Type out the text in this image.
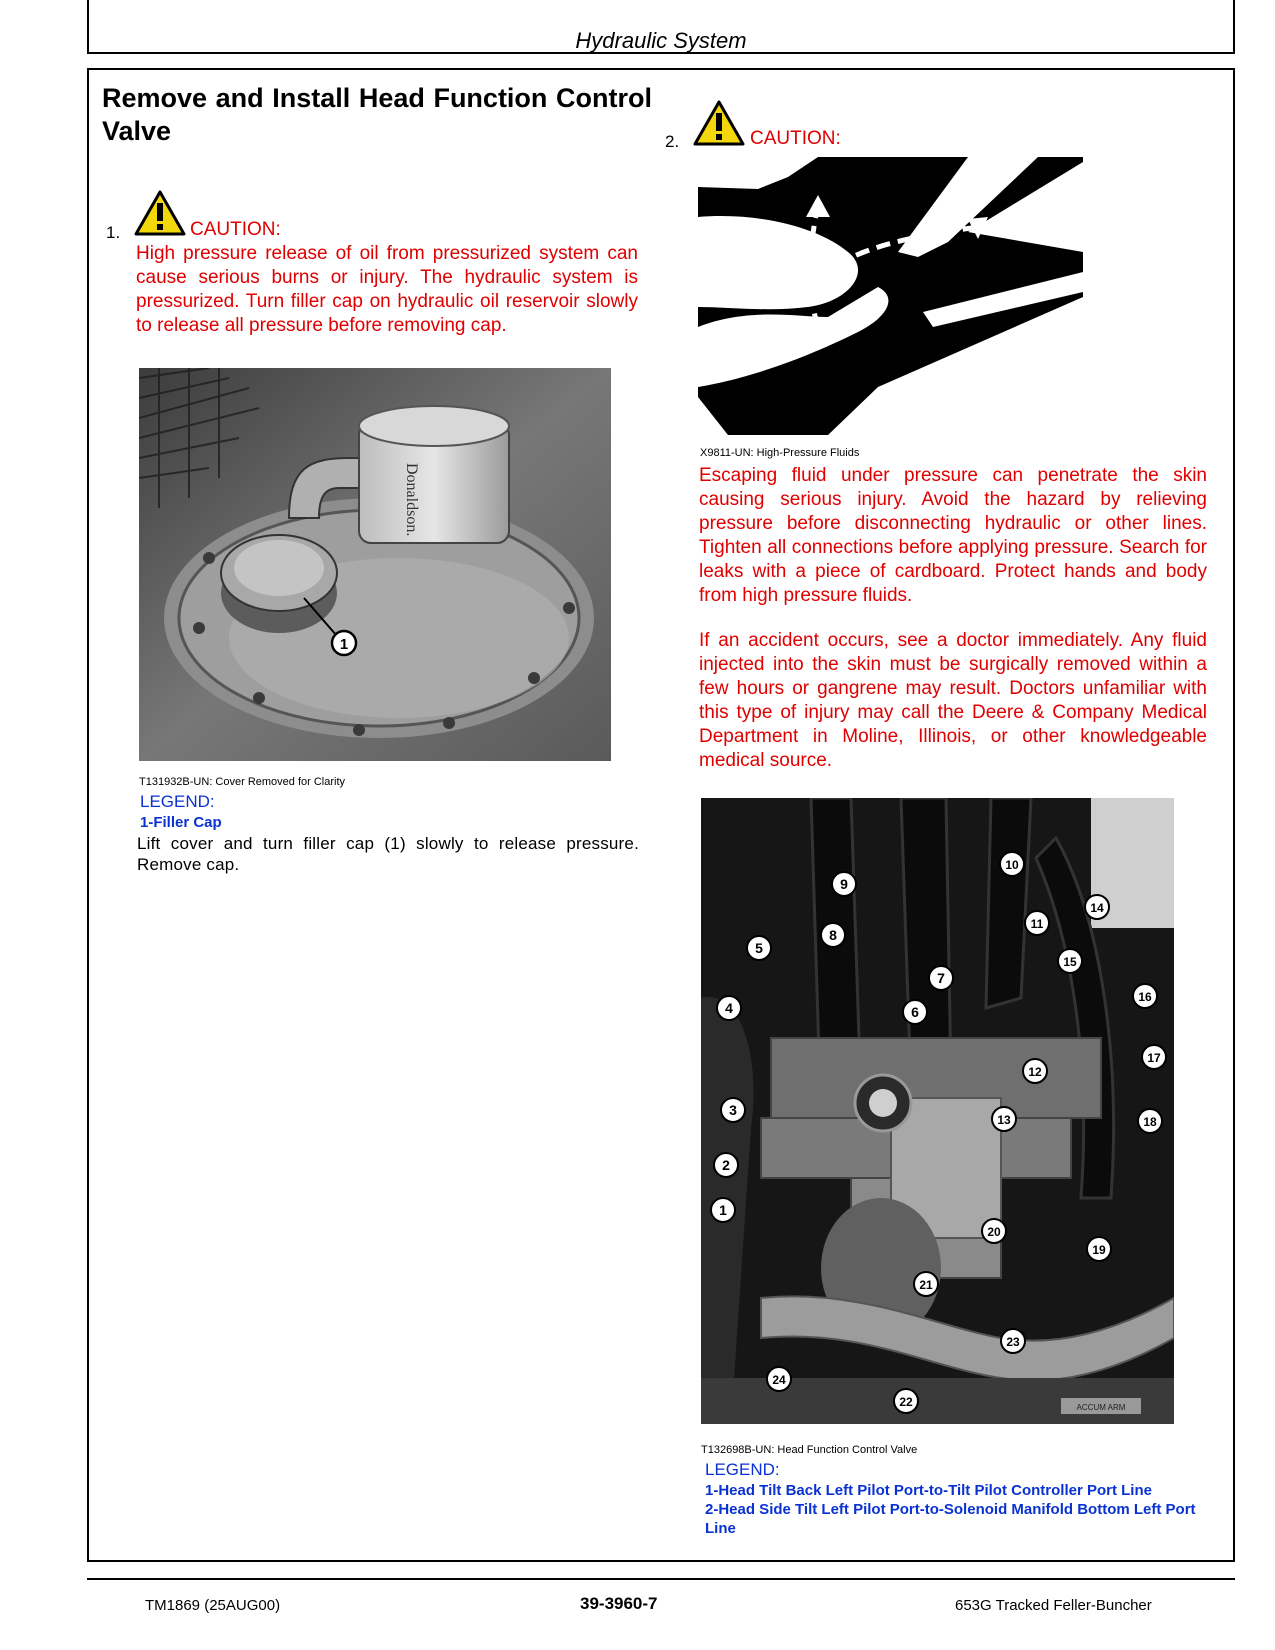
Hydraulic System
Remove and Install Head Function Control Valve
1.	CAUTION:
High pressure release of oil from pressurized system can cause serious burns or injury. The hydraulic system is pressurized. Turn filler cap on hydraulic oil reservoir slowly to release all pressure before removing cap.
Donaldson.
1
T131932B-UN: Cover Removed for Clarity
LEGEND:
1-Filler Cap
Lift cover and turn filler cap (1) slowly to release pressure. Remove cap.
2.	CAUTION:
X9811-UN: High-Pressure Fluids
Escaping fluid under pressure can penetrate the skin causing serious injury. Avoid the hazard by relieving pressure before disconnecting hydraulic or other lines. Tighten all connections before applying pressure. Search for leaks with a piece of cardboard. Protect hands and body from high pressure fluids.
If an accident occurs, see a doctor immediately. Any fluid injected into the skin must be surgically removed within a few hours or gangrene may result. Doctors unfamiliar with this type of injury may call the Deere & Company Medical Department in Moline, Illinois, or other knowledgeable medical source.
ACCUM ARM
1
2
3
4
5
6
7
8
9
10
11
12
13
14
15
16
17
18
19
20
21
22
23
24
T132698B-UN: Head Function Control Valve
LEGEND:
1-Head Tilt Back Left Pilot Port-to-Tilt Pilot Controller Port Line
2-Head Side Tilt Left Pilot Port-to-Solenoid Manifold Bottom Left Port Line
TM1869 (25AUG00)	39-3960-7	653G Tracked Feller-Buncher
